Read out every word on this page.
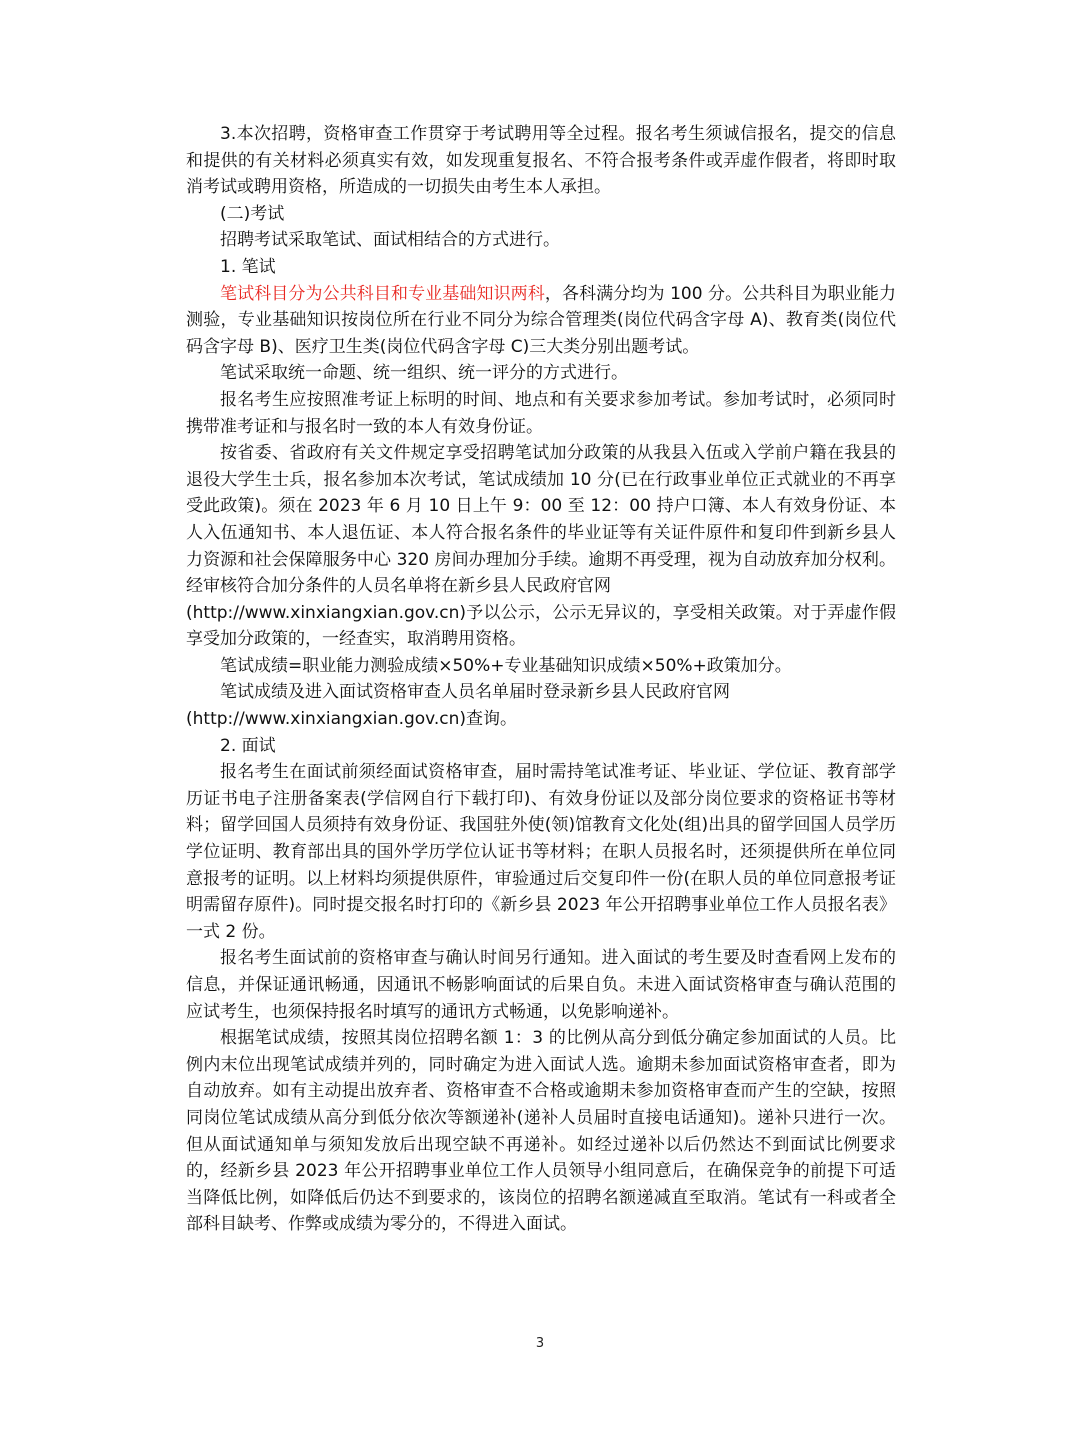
3.本次招聘，资格审查工作贯穿于考试聘用等全过程。报名考生须诚信报名，提交的信息和提供的有关材料必须真实有效，如发现重复报名、不符合报考条件或弄虚作假者，将即时取消考试或聘用资格，所造成的一切损失由考生本人承担。

(二)考试

招聘考试采取笔试、面试相结合的方式进行。

1. 笔试

笔试科目分为公共科目和专业基础知识两科，各科满分均为 100 分。公共科目为职业能力测验，专业基础知识按岗位所在行业不同分为综合管理类(岗位代码含字母 A)、教育类(岗位代码含字母 B)、医疗卫生类(岗位代码含字母 C)三大类分别出题考试。

笔试采取统一命题、统一组织、统一评分的方式进行。

报名考生应按照准考证上标明的时间、地点和有关要求参加考试。参加考试时，必须同时携带准考证和与报名时一致的本人有效身份证。

按省委、省政府有关文件规定享受招聘笔试加分政策的从我县入伍或入学前户籍在我县的退役大学生士兵，报名参加本次考试，笔试成绩加 10 分(已在行政事业单位正式就业的不再享受此政策)。须在 2023 年 6 月 10 日上午 9：00 至 12：00 持户口簿、本人有效身份证、本人入伍通知书、本人退伍证、本人符合报名条件的毕业证等有关证件原件和复印件到新乡县人力资源和社会保障服务中心 320 房间办理加分手续。逾期不再受理，视为自动放弃加分权利。经审核符合加分条件的人员名单将在新乡县人民政府官网

(http://www.xinxiangxian.gov.cn)予以公示，公示无异议的，享受相关政策。对于弄虚作假享受加分政策的，一经查实，取消聘用资格。

笔试成绩=职业能力测验成绩×50%+专业基础知识成绩×50%+政策加分。

笔试成绩及进入面试资格审查人员名单届时登录新乡县人民政府官网

(http://www.xinxiangxian.gov.cn)查询。

2. 面试

报名考生在面试前须经面试资格审查，届时需持笔试准考证、毕业证、学位证、教育部学历证书电子注册备案表(学信网自行下载打印)、有效身份证以及部分岗位要求的资格证书等材料；留学回国人员须持有效身份证、我国驻外使(领)馆教育文化处(组)出具的留学回国人员学历学位证明、教育部出具的国外学历学位认证书等材料；在职人员报名时，还须提供所在单位同意报考的证明。以上材料均须提供原件，审验通过后交复印件一份(在职人员的单位同意报考证明需留存原件)。同时提交报名时打印的《新乡县 2023 年公开招聘事业单位工作人员报名表》一式 2 份。

报名考生面试前的资格审查与确认时间另行通知。进入面试的考生要及时查看网上发布的信息，并保证通讯畅通，因通讯不畅影响面试的后果自负。未进入面试资格审查与确认范围的应试考生，也须保持报名时填写的通讯方式畅通，以免影响递补。

根据笔试成绩，按照其岗位招聘名额 1：3 的比例从高分到低分确定参加面试的人员。比例内末位出现笔试成绩并列的，同时确定为进入面试人选。逾期未参加面试资格审查者，即为自动放弃。如有主动提出放弃者、资格审查不合格或逾期未参加资格审查而产生的空缺，按照同岗位笔试成绩从高分到低分依次等额递补(递补人员届时直接电话通知)。递补只进行一次。但从面试通知单与须知发放后出现空缺不再递补。如经过递补以后仍然达不到面试比例要求的，经新乡县 2023 年公开招聘事业单位工作人员领导小组同意后，在确保竞争的前提下可适当降低比例，如降低后仍达不到要求的，该岗位的招聘名额递减直至取消。笔试有一科或者全部科目缺考、作弊或成绩为零分的，不得进入面试。

3
